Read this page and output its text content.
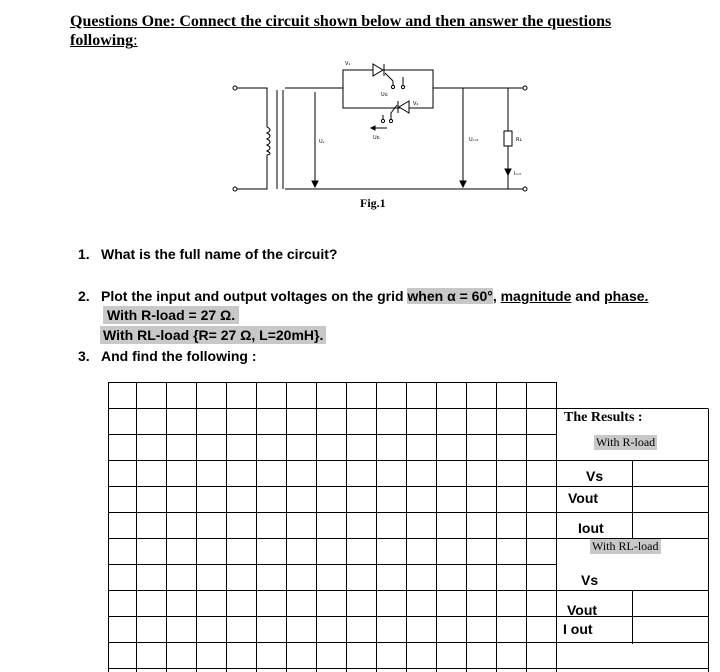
Questions One: Connect the circuit shown below and then answer the questions following:
V₁
V₂
Uɢ
Uɢ
Uₛ	Uₒᵤₜ	Rʟ
Iₒᵤₜ
Fig.1
1. What is the full name of the circuit?
2. Plot the input and output voltages on the grid when α = 60°, magnitude and phase.
With R-load = 27 Ω.
With RL-load {R= 27 Ω, L=20mH}.
3. And find the following :
The Results :
With R-load
Vs
Vout
Iout
With RL-load
Vs
Vout
I out
